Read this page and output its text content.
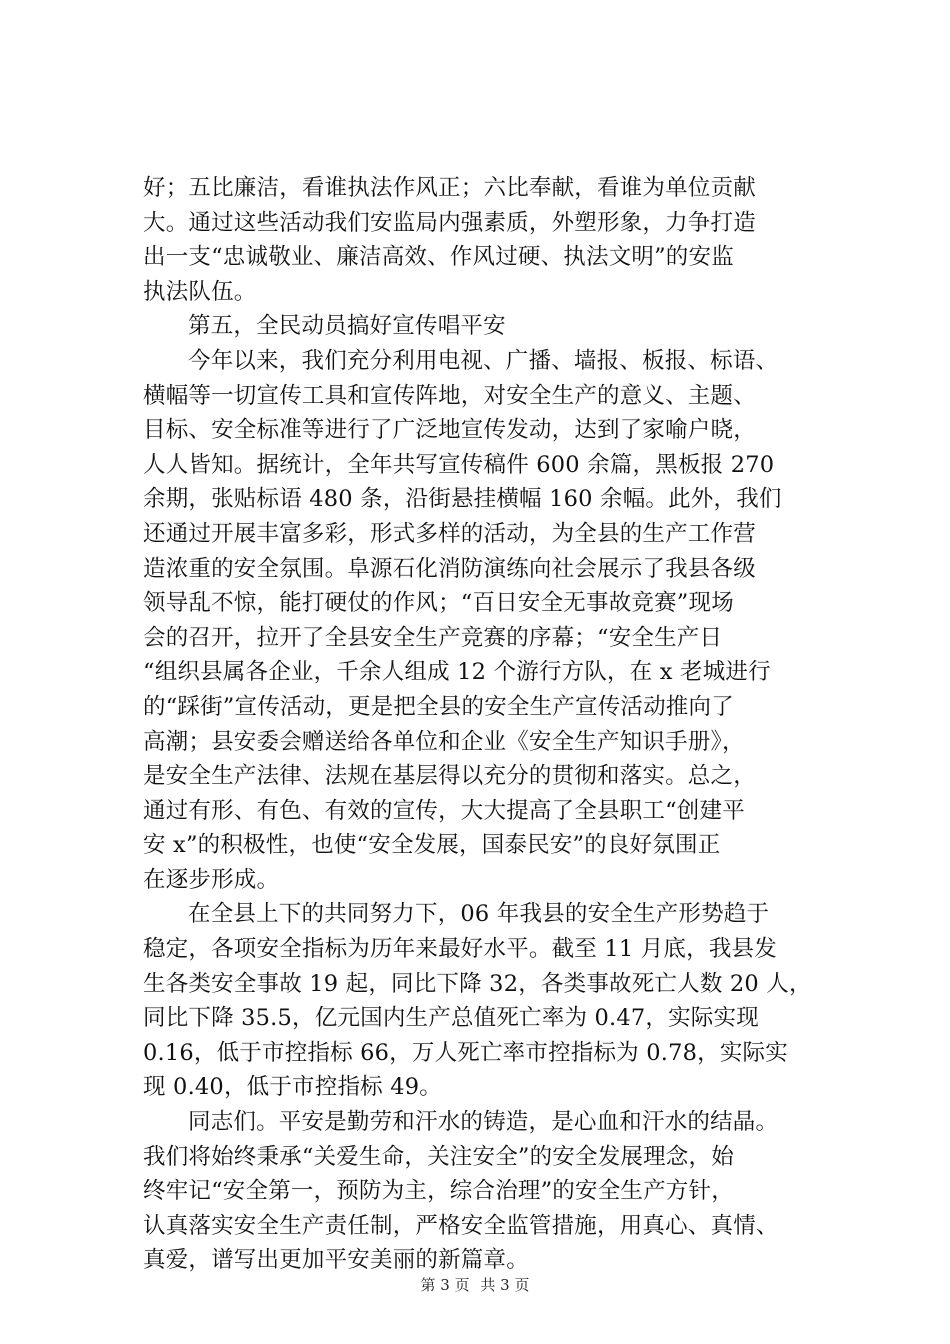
好；五比廉洁，看谁执法作风正；六比奉献，看谁为单位贡献
大。通过这些活动我们安监局内强素质，外塑形象，力争打造
出一支“忠诚敬业、廉洁高效、作风过硬、执法文明”的安监
执法队伍。
第五，全民动员搞好宣传唱平安
今年以来，我们充分利用电视、广播、墙报、板报、标语、
横幅等一切宣传工具和宣传阵地，对安全生产的意义、主题、
目标、安全标准等进行了广泛地宣传发动，达到了家喻户晓，
人人皆知。据统计，全年共写宣传稿件 600 余篇，黑板报 270
余期，张贴标语 480 条，沿街悬挂横幅 160 余幅。此外，我们
还通过开展丰富多彩，形式多样的活动，为全县的生产工作营
造浓重的安全氛围。阜源石化消防演练向社会展示了我县各级
领导乱不惊，能打硬仗的作风；“百日安全无事故竞赛”现场
会的召开，拉开了全县安全生产竞赛的序幕；“安全生产日
“组织县属各企业，千余人组成 12 个游行方队，在 x 老城进行
的“踩街”宣传活动，更是把全县的安全生产宣传活动推向了
高潮；县安委会赠送给各单位和企业《安全生产知识手册》，
是安全生产法律、法规在基层得以充分的贯彻和落实。总之，
通过有形、有色、有效的宣传，大大提高了全县职工“创建平
安 x”的积极性，也使“安全发展，国泰民安”的良好氛围正
在逐步形成。
在全县上下的共同努力下，06 年我县的安全生产形势趋于
稳定，各项安全指标为历年来最好水平。截至 11 月底，我县发
生各类安全事故 19 起，同比下降 32，各类事故死亡人数 20 人，
同比下降 35.5，亿元国内生产总值死亡率为 0.47，实际实现
0.16，低于市控指标 66，万人死亡率市控指标为 0.78，实际实
现 0.40，低于市控指标 49。
同志们。平安是勤劳和汗水的铸造，是心血和汗水的结晶。
我们将始终秉承“关爱生命，关注安全”的安全发展理念，始
终牢记“安全第一，预防为主，综合治理”的安全生产方针，
认真落实安全生产责任制，严格安全监管措施，用真心、真情、
真爱，谱写出更加平安美丽的新篇章。
第 3 页 共 3 页
